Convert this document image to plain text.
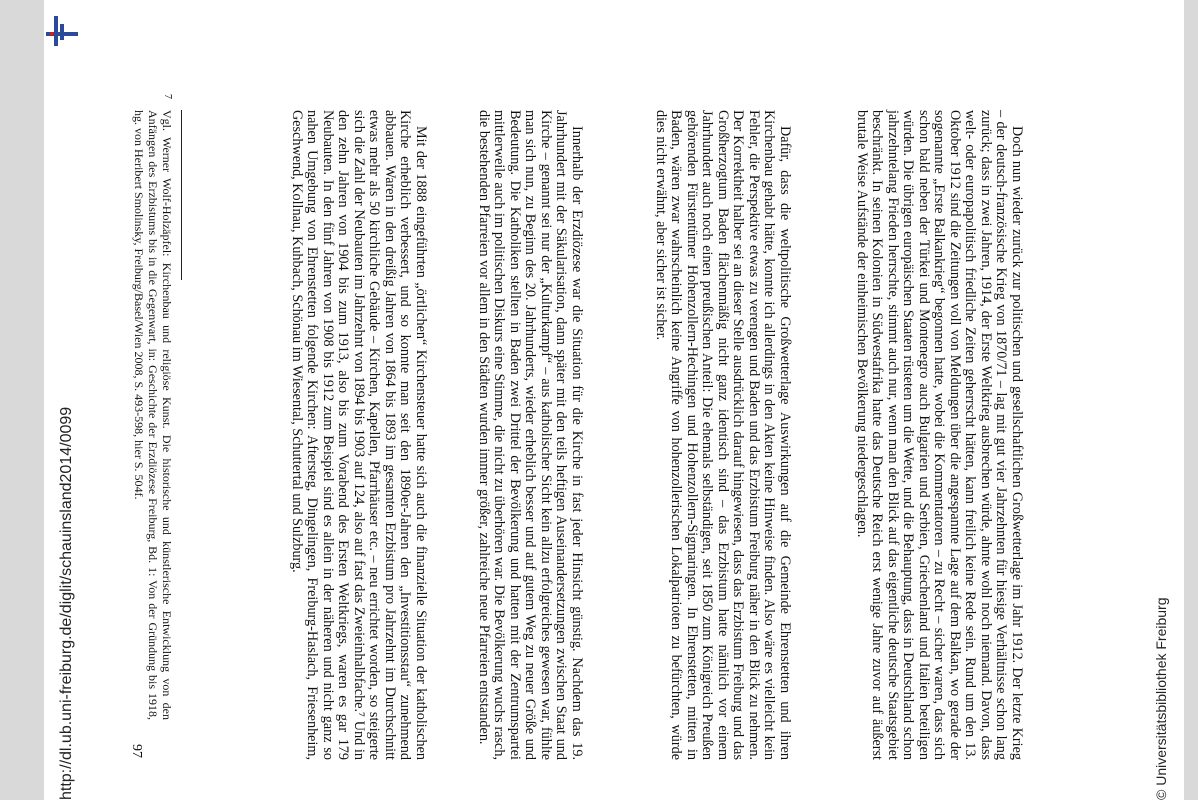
Doch nun wieder zurück zur politischen und gesellschaftlichen Großwetterlage im Jahr 1912. Der letzte Krieg – der deutsch-französische Krieg von 1870/71 – lag mit gut vier Jahrzehnten für hiesige Verhältnisse schon lang zurück; dass in zwei Jahren, 1914, der Erste Weltkrieg ausbrechen würde, ahnte wohl noch niemand. Davon, dass welt- oder europapolitisch friedliche Zeiten geherrscht hätten, kann freilich keine Rede sein. Rund um den 13. Oktober 1912 sind die Zeitungen voll von Meldungen über die angespannte Lage auf dem Balkan, wo gerade der sogenannte „Erste Balkankrieg“ begonnen hatte, wobei die Kommentatoren – zu Recht – sicher waren, dass sich schon bald neben der Türkei und Montenegro auch Bulgarien und Serbien, Griechenland und Italien beteiligen würden. Die übrigen europäischen Staaten rüsteten um die Wette, und die Behauptung, dass in Deutschland schon jahrzehntelang Frieden herrschte, stimmt auch nur, wenn man den Blick auf das eigentliche deutsche Staatsgebiet beschränkt. In seinen Kolonien in Südwestafrika hatte das Deutsche Reich erst wenige Jahre zuvor auf äußerst brutale Weise Aufstände der einheimischen Bevölkerung niedergeschlagen.

Dafür, dass die weltpolitische Großwetterlage Auswirkungen auf die Gemeinde Ehrenstetten und ihren Kirchenbau gehabt hätte, konnte ich allerdings in den Akten keine Hinweise finden. Also wäre es vielleicht kein Fehler, die Perspektive etwas zu verengen und Baden und das Erzbistum Freiburg näher in den Blick zu nehmen. Der Korrektheit halber sei an dieser Stelle ausdrücklich darauf hingewiesen, dass das Erzbistum Freiburg und das Großherzogtum Baden flächenmäßig nicht ganz identisch sind – das Erzbistum hatte nämlich vor einem Jahrhundert auch noch einen preußischen Anteil: Die ehemals selbständigen, seit 1850 zum Königreich Preußen gehörenden Fürstentümer Hohenzollern-Hechingen und Hohenzollern-Sigmaringen. In Ehrenstetten, mitten in Baden, wären zwar wahrscheinlich keine Angriffe von hohenzollerischen Lokalpatrioten zu befürchten, würde dies nicht erwähnt, aber sicher ist sicher.

Innerhalb der Erzdiözese war die Situation für die Kirche in fast jeder Hinsicht günstig. Nachdem das 19. Jahrhundert mit der Säkularisation, dann später mit den teils heftigen Auseinandersetzungen zwischen Staat und Kirche – genannt sei nur der „Kulturkampf“ – aus katholischer Sicht kein allzu erfolgreiches gewesen war, fühlte man sich nun, zu Beginn des 20. Jahrhunderts, wieder erheblich besser und auf gutem Weg zu neuer Größe und Bedeutung. Die Katholiken stellten in Baden zwei Drittel der Bevölkerung und hatten mit der Zentrumspartei mittlerweile auch im politischen Diskurs eine Stimme, die nicht zu überhören war. Die Bevölkerung wuchs rasch, die bestehenden Pfarreien vor allem in den Städten wurden immer größer, zahlreiche neue Pfarreien entstanden.

Mit der 1888 eingeführten „örtlichen“ Kirchensteuer hatte sich auch die finanzielle Situation der katholischen Kirche erheblich verbessert, und so konnte man seit den 1890er-Jahren den „Investitionsstau“ zunehmend abbauen. Waren in den dreißig Jahren von 1864 bis 1893 im gesamten Erzbistum pro Jahrzehnt im Durchschnitt etwas mehr als 50 kirchliche Gebäude – Kirchen, Kapellen, Pfarrhäuser etc. – neu errichtet worden, so steigerte sich die Zahl der Neubauten im Jahrzehnt von 1894 bis 1903 auf 124, also auf fast das Zweieinhalbfache.⁷ Und in den zehn Jahren von 1904 bis zum 1913, also bis zum Vorabend des Ersten Weltkriegs, waren es gar 179 Neubauten. In den fünf Jahren von 1908 bis 1912 zum Beispiel sind es allein in der näheren und nicht ganz so nahen Umgebung von Ehrenstetten folgende Kirchen: Aftersteg, Dingelingen, Freiburg-Haslach, Friesenheim, Geschwend, Kollnau, Kuhbach, Schönau im Wiesental, Schuttertal und Sulzburg.

7
Vgl. Werner Wolf-Holzäpfel: Kirchenbau und religiöse Kunst. Die historische und künstlerische Entwicklung von den Anfängen des Erzbistums bis in die Gegenwart, in: Geschichte der Erzdiözese Freiburg, Bd. 1: Von der Gründung bis 1918, hg. von Heribert Smolinsky, Freiburg/Basel/Wien 2008, S. 493-598, hier S. 504f.
97
http://dl.ub.uni-freiburg.de/diglit/schauinsland2014/0099	© Universitätsbibliothek Freiburg
